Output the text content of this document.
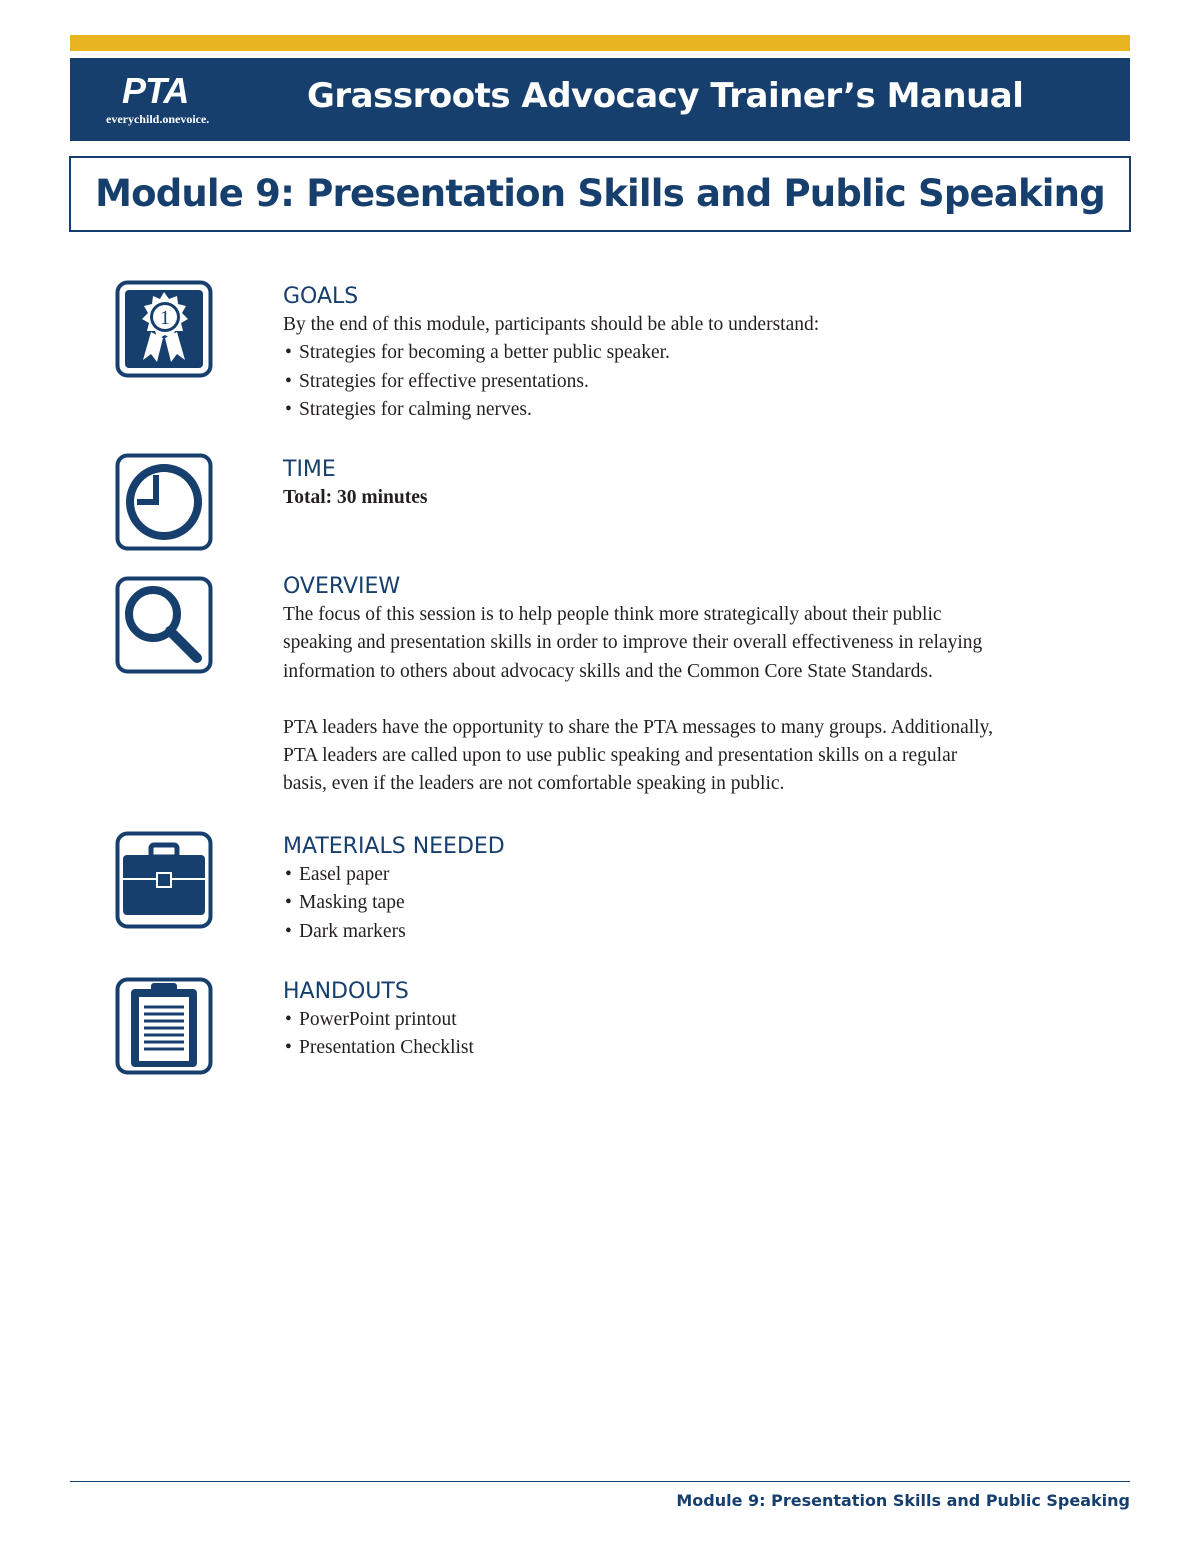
PTA
everychild.onevoice.
Grassroots Advocacy Trainer’s Manual
Module 9: Presentation Skills and Public Speaking
1
GOALS
By the end of this module, participants should be able to understand:
• Strategies for becoming a better public speaker.
• Strategies for effective presentations.
• Strategies for calming nerves.
TIME
Total: 30 minutes
OVERVIEW
The focus of this session is to help people think more strategically about their public
speaking and presentation skills in order to improve their overall effectiveness in relaying
information to others about advocacy skills and the Common Core State Standards.
PTA leaders have the opportunity to share the PTA messages to many groups. Additionally,
PTA leaders are called upon to use public speaking and presentation skills on a regular
basis, even if the leaders are not comfortable speaking in public.
MATERIALS NEEDED
• Easel paper
• Masking tape
• Dark markers
HANDOUTS
• PowerPoint printout
• Presentation Checklist
Module 9: Presentation Skills and Public Speaking
